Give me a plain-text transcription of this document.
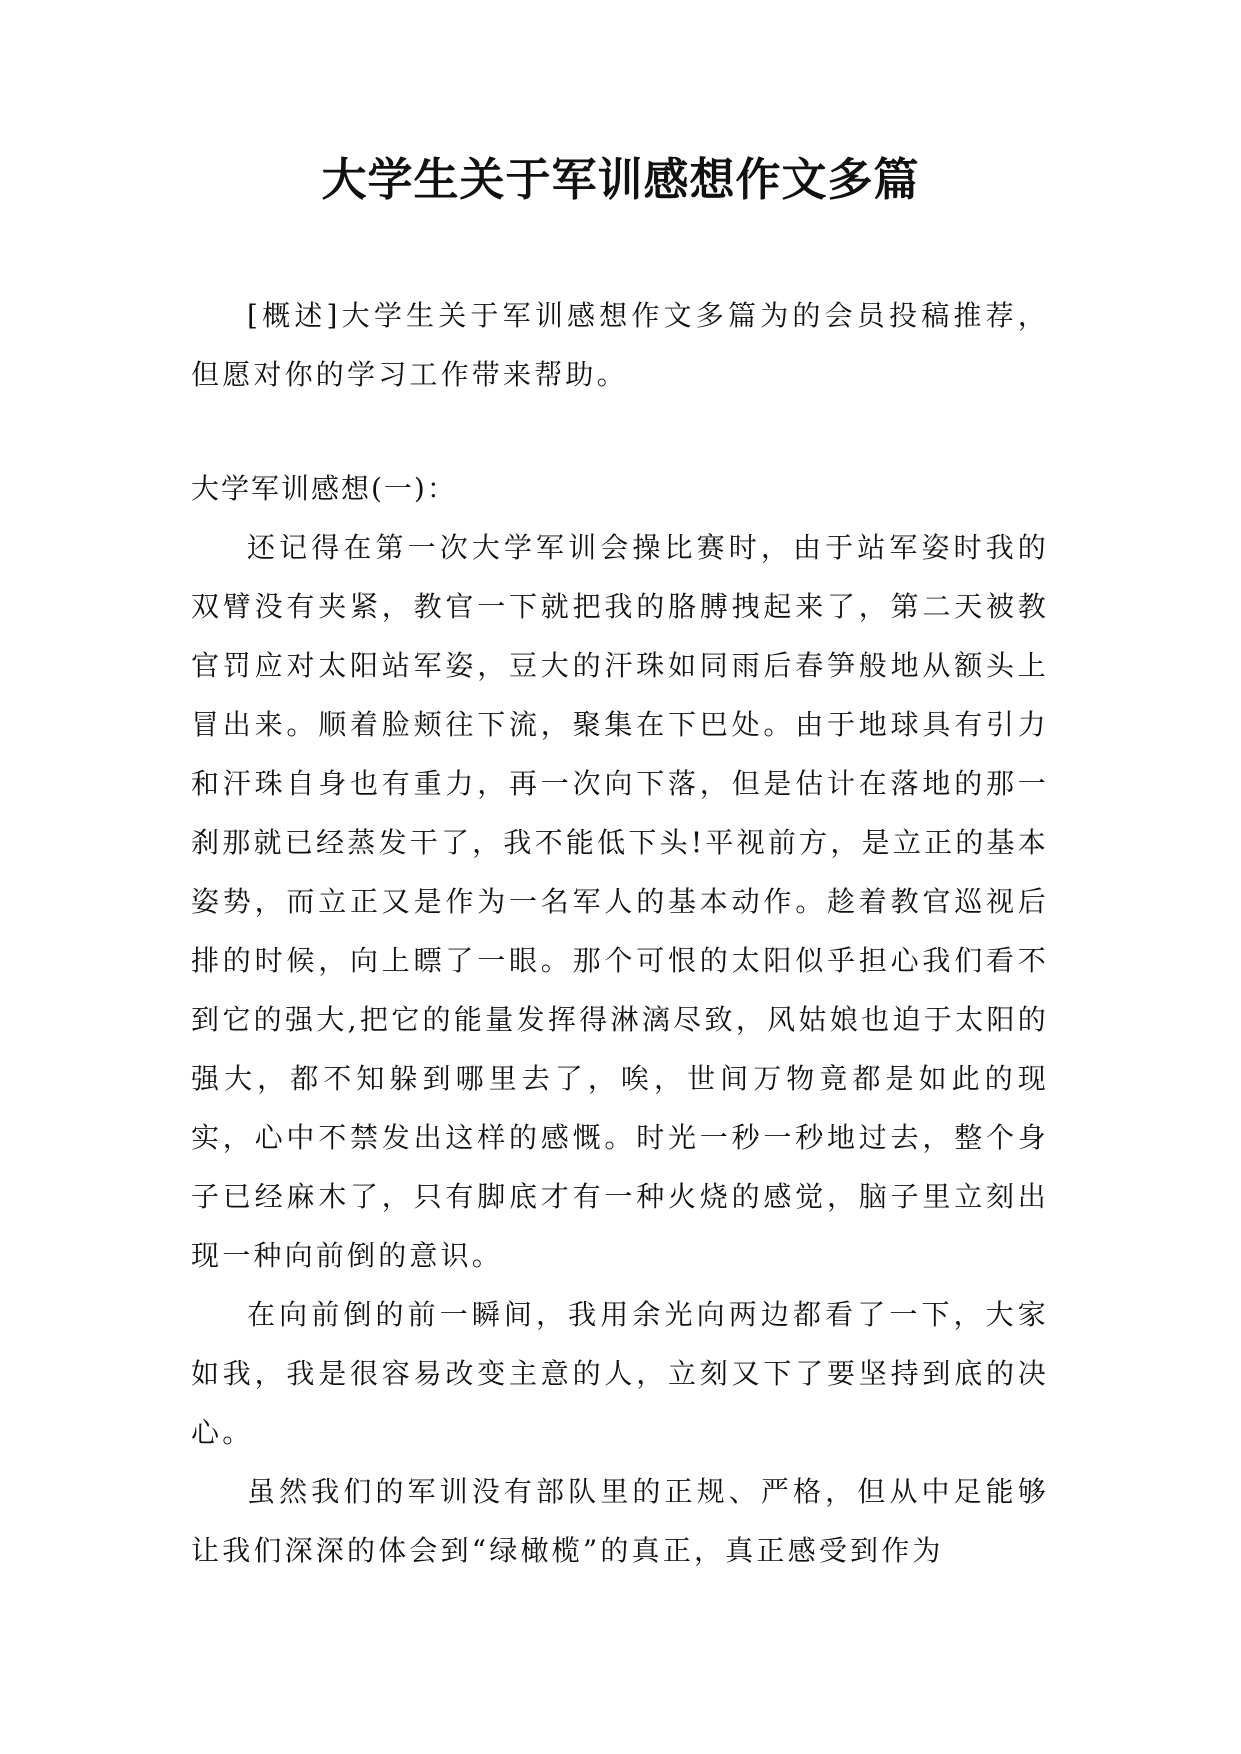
大学生关于军训感想作文多篇

[概述]大学生关于军训感想作文多篇为的会员投稿推荐，但愿对你的学习工作带来帮助。

大学军训感想(一)：

还记得在第一次大学军训会操比赛时，由于站军姿时我的双臂没有夹紧，教官一下就把我的胳膊拽起来了，第二天被教官罚应对太阳站军姿，豆大的汗珠如同雨后春笋般地从额头上冒出来。顺着脸颊往下流，聚集在下巴处。由于地球具有引力和汗珠自身也有重力，再一次向下落，但是估计在落地的那一刹那就已经蒸发干了，我不能低下头!平视前方，是立正的基本姿势，而立正又是作为一名军人的基本动作。趁着教官巡视后排的时候，向上瞟了一眼。那个可恨的太阳似乎担心我们看不到它的强大,把它的能量发挥得淋漓尽致，风姑娘也迫于太阳的强大，都不知躲到哪里去了，唉，世间万物竟都是如此的现实，心中不禁发出这样的感慨。时光一秒一秒地过去，整个身子已经麻木了，只有脚底才有一种火烧的感觉，脑子里立刻出现一种向前倒的意识。

在向前倒的前一瞬间，我用余光向两边都看了一下，大家如我，我是很容易改变主意的人，立刻又下了要坚持到底的决心。

虽然我们的军训没有部队里的正规、严格，但从中足能够让我们深深的体会到“绿橄榄”的真正，真正感受到作为
